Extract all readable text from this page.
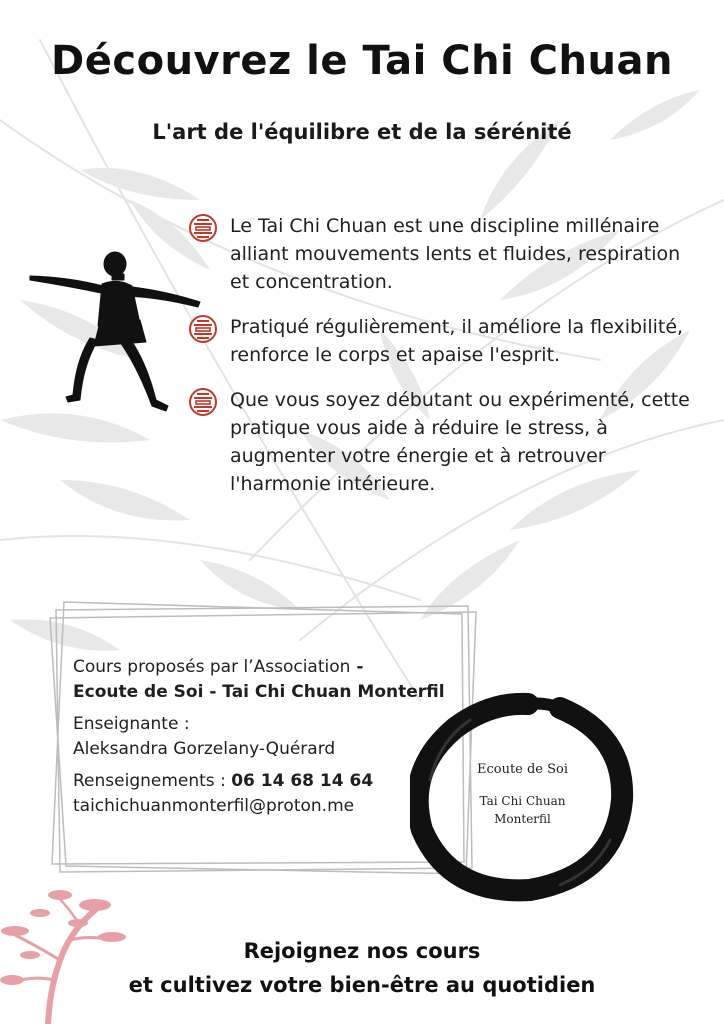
Découvrez le Tai Chi Chuan
L'art de l'équilibre et de la sérénité
Le Tai Chi Chuan est une discipline millénaire alliant mouvements lents et fluides, respiration et concentration.
Pratiqué régulièrement, il améliore la flexibilité, renforce le corps et apaise l'esprit.
Que vous soyez débutant ou expérimenté, cette pratique vous aide à réduire le stress, à augmenter votre énergie et à retrouver l'harmonie intérieure.
Cours proposés par l’Association -
Ecoute de Soi - Tai Chi Chuan Monterfil
Enseignante :
Aleksandra Gorzelany-Quérard
Renseignements : 06 14 68 14 64
taichichuanmonterfil@proton.me
Ecoute de Soi
Tai Chi Chuan
Monterfil
Rejoignez nos cours
et cultivez votre bien-être au quotidien
